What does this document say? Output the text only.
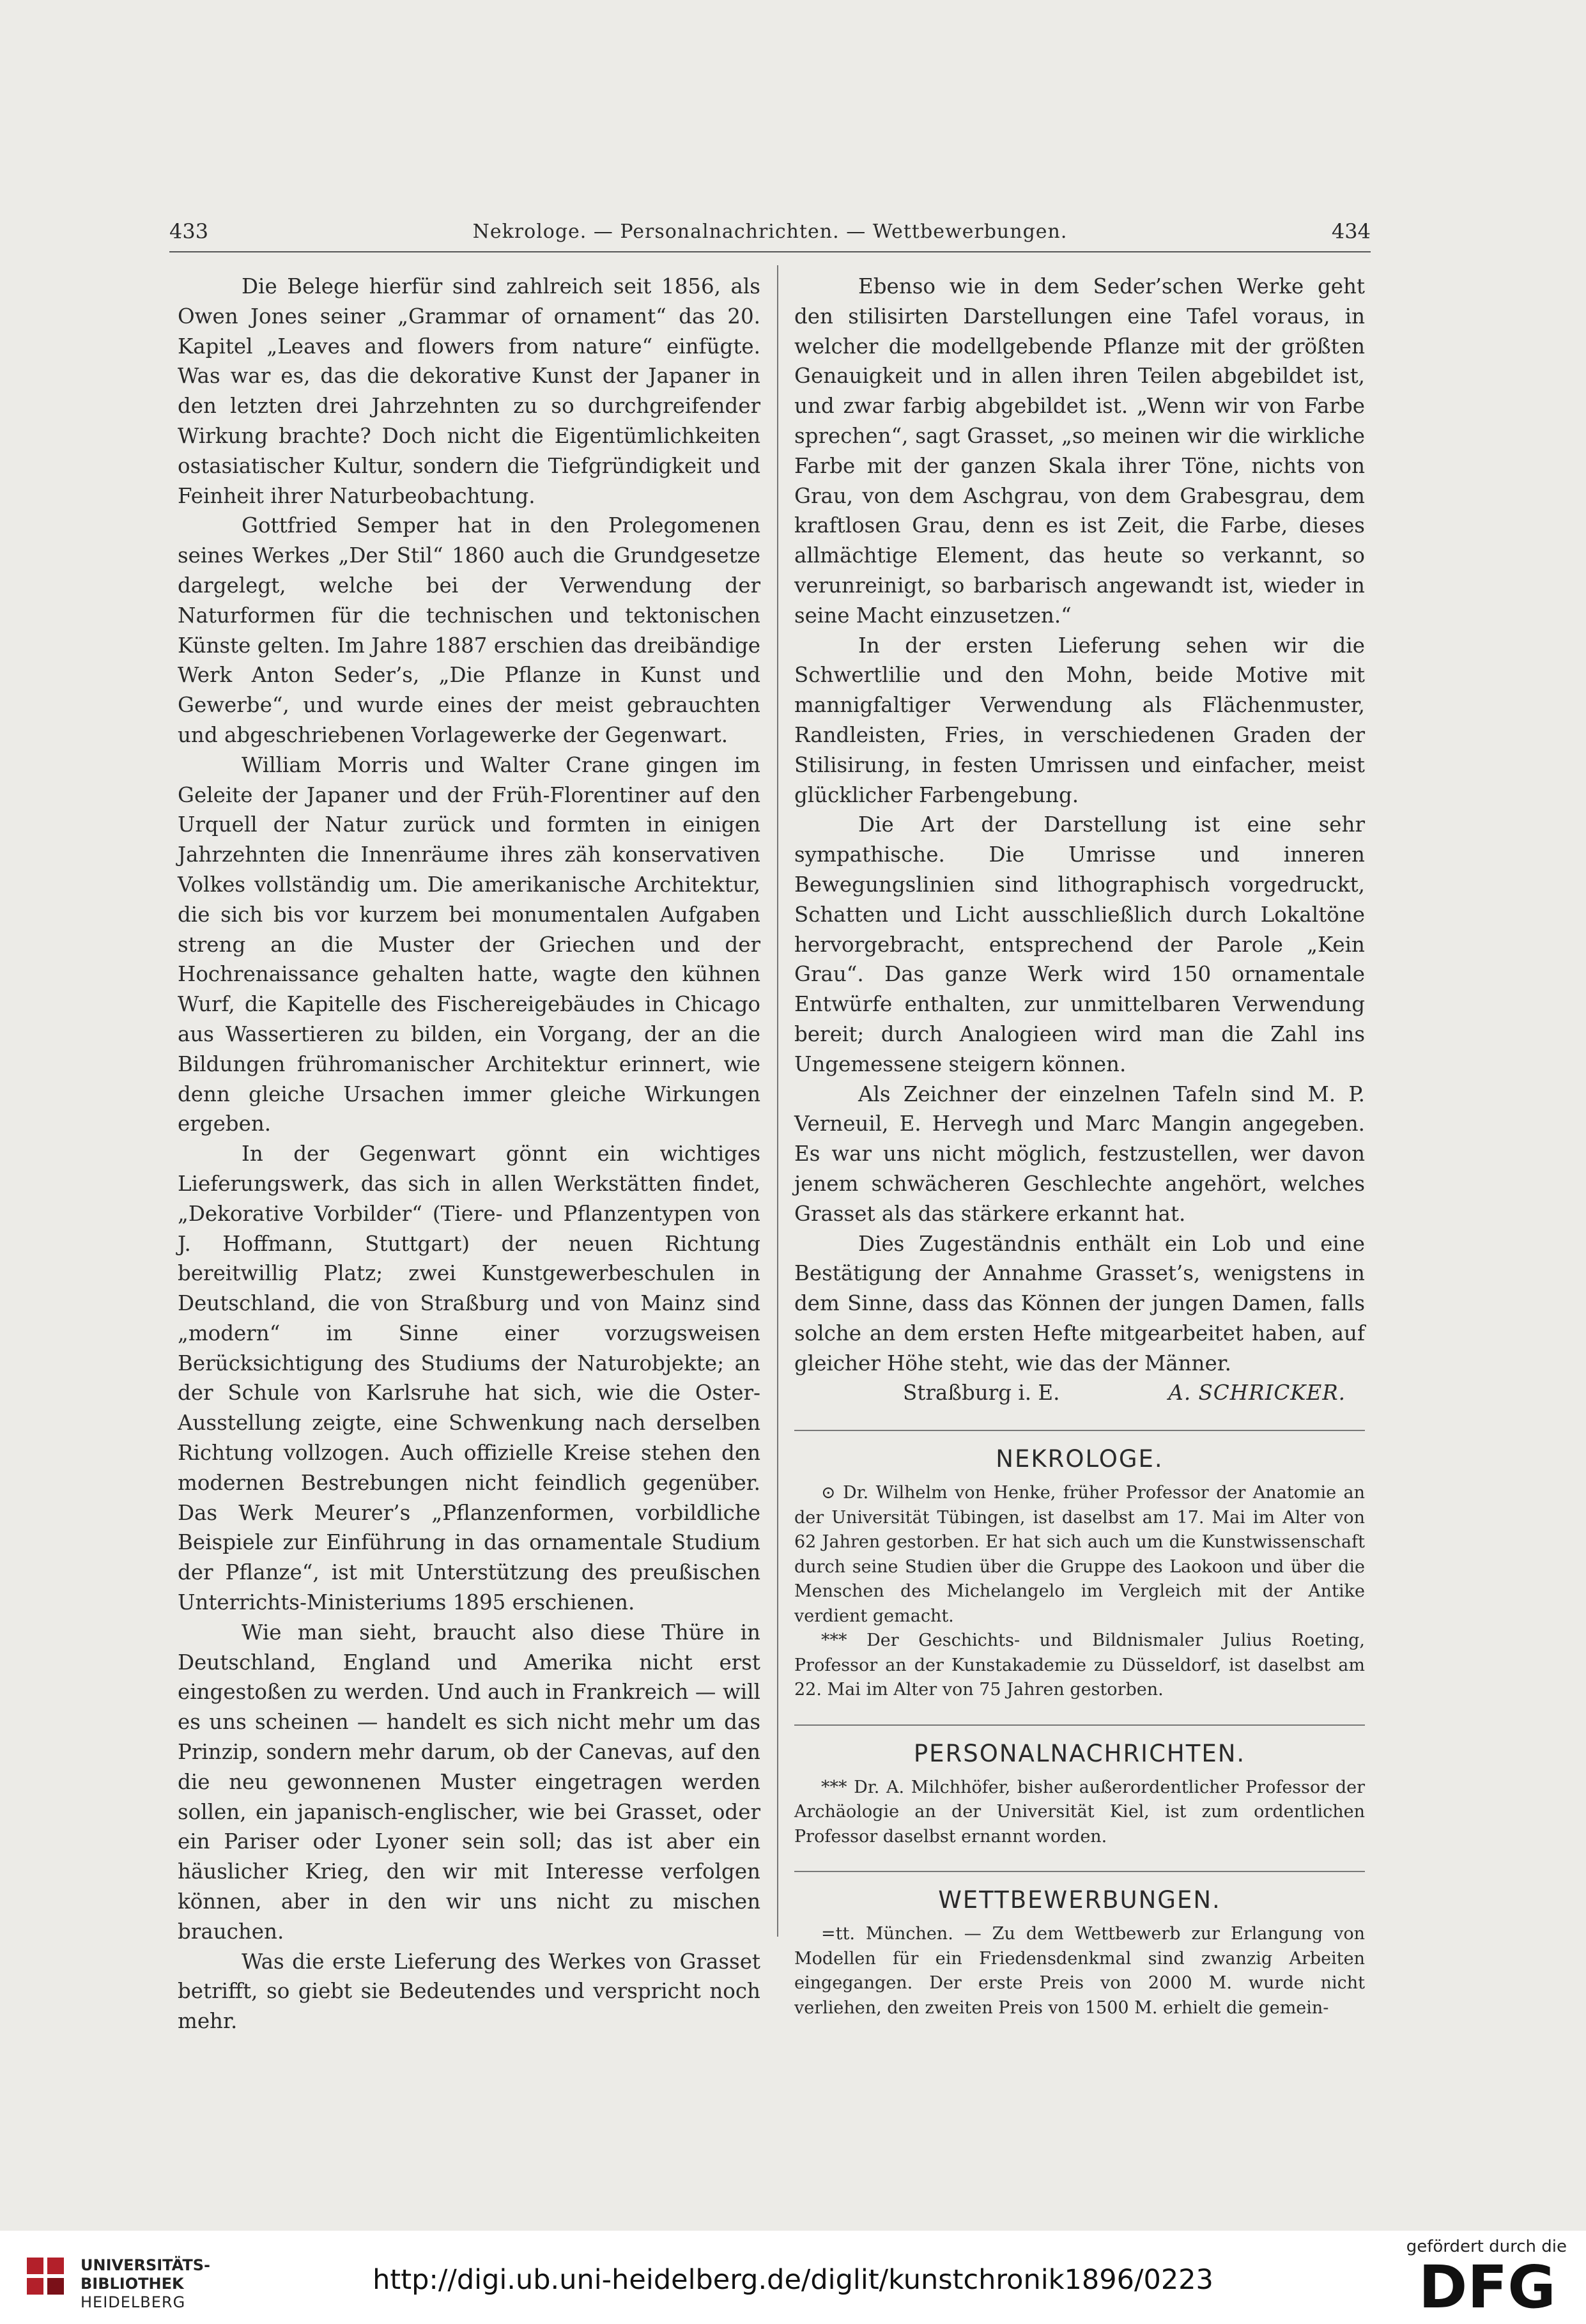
433	Nekrologe. — Personalnachrichten. — Wettbewerbungen.	434

Die Belege hierfür sind zahlreich seit 1856, als Owen Jones seiner „Grammar of ornament“ das 20. Kapitel „Leaves and flowers from nature“ einfügte. Was war es, das die dekorative Kunst der Japaner in den letzten drei Jahrzehnten zu so durchgreifender Wirkung brachte? Doch nicht die Eigentümlichkeiten ostasiatischer Kultur, sondern die Tiefgründigkeit und Feinheit ihrer Naturbeobachtung.

Gottfried Semper hat in den Prolegomenen seines Werkes „Der Stil“ 1860 auch die Grundgesetze dargelegt, welche bei der Verwendung der Naturformen für die technischen und tektonischen Künste gelten. Im Jahre 1887 erschien das dreibändige Werk Anton Seder’s, „Die Pflanze in Kunst und Gewerbe“, und wurde eines der meist gebrauchten und abgeschriebenen Vorlagewerke der Gegenwart.

William Morris und Walter Crane gingen im Geleite der Japaner und der Früh-Florentiner auf den Urquell der Natur zurück und formten in einigen Jahrzehnten die Innenräume ihres zäh konservativen Volkes vollständig um. Die amerikanische Architektur, die sich bis vor kurzem bei monumentalen Aufgaben streng an die Muster der Griechen und der Hochrenaissance gehalten hatte, wagte den kühnen Wurf, die Kapitelle des Fischereigebäudes in Chicago aus Wassertieren zu bilden, ein Vorgang, der an die Bildungen frühromanischer Architektur erinnert, wie denn gleiche Ursachen immer gleiche Wirkungen ergeben.

In der Gegenwart gönnt ein wichtiges Lieferungswerk, das sich in allen Werkstätten findet, „Dekorative Vorbilder“ (Tiere- und Pflanzentypen von J. Hoffmann, Stuttgart) der neuen Richtung bereitwillig Platz; zwei Kunstgewerbeschulen in Deutschland, die von Straßburg und von Mainz sind „modern“ im Sinne einer vorzugsweisen Berücksichtigung des Studiums der Naturobjekte; an der Schule von Karlsruhe hat sich, wie die Oster-Ausstellung zeigte, eine Schwenkung nach derselben Richtung vollzogen. Auch offizielle Kreise stehen den modernen Bestrebungen nicht feindlich gegenüber. Das Werk Meurer’s „Pflanzenformen, vorbildliche Beispiele zur Einführung in das ornamentale Studium der Pflanze“, ist mit Unterstützung des preußischen Unterrichts-Ministeriums 1895 erschienen.

Wie man sieht, braucht also diese Thüre in Deutschland, England und Amerika nicht erst eingestoßen zu werden. Und auch in Frankreich — will es uns scheinen — handelt es sich nicht mehr um das Prinzip, sondern mehr darum, ob der Canevas, auf den die neu gewonnenen Muster eingetragen werden sollen, ein japanisch-englischer, wie bei Grasset, oder ein Pariser oder Lyoner sein soll; das ist aber ein häuslicher Krieg, den wir mit Interesse verfolgen können, aber in den wir uns nicht zu mischen brauchen.

Was die erste Lieferung des Werkes von Grasset betrifft, so giebt sie Bedeutendes und verspricht noch mehr.

Ebenso wie in dem Seder’schen Werke geht den stilisirten Darstellungen eine Tafel voraus, in welcher die modellgebende Pflanze mit der größten Genauigkeit und in allen ihren Teilen abgebildet ist, und zwar farbig abgebildet ist. „Wenn wir von Farbe sprechen“, sagt Grasset, „so meinen wir die wirkliche Farbe mit der ganzen Skala ihrer Töne, nichts von Grau, von dem Aschgrau, von dem Grabesgrau, dem kraftlosen Grau, denn es ist Zeit, die Farbe, dieses allmächtige Element, das heute so verkannt, so verunreinigt, so barbarisch angewandt ist, wieder in seine Macht einzusetzen.“

In der ersten Lieferung sehen wir die Schwertlilie und den Mohn, beide Motive mit mannigfaltiger Verwendung als Flächenmuster, Randleisten, Fries, in verschiedenen Graden der Stilisirung, in festen Umrissen und einfacher, meist glücklicher Farbengebung.

Die Art der Darstellung ist eine sehr sympathische. Die Umrisse und inneren Bewegungslinien sind lithographisch vorgedruckt, Schatten und Licht ausschließlich durch Lokaltöne hervorgebracht, entsprechend der Parole „Kein Grau“. Das ganze Werk wird 150 ornamentale Entwürfe enthalten, zur unmittelbaren Verwendung bereit; durch Analogieen wird man die Zahl ins Ungemessene steigern können.

Als Zeichner der einzelnen Tafeln sind M. P. Verneuil, E. Hervegh und Marc Mangin angegeben. Es war uns nicht möglich, festzustellen, wer davon jenem schwächeren Geschlechte angehört, welches Grasset als das stärkere erkannt hat.

Dies Zugeständnis enthält ein Lob und eine Bestätigung der Annahme Grasset’s, wenigstens in dem Sinne, dass das Können der jungen Damen, falls solche an dem ersten Hefte mitgearbeitet haben, auf gleicher Höhe steht, wie das der Männer.

Straßburg i. E.	A. SCHRICKER.

NEKROLOGE.

⊙ Dr. Wilhelm von Henke, früher Professor der Anatomie an der Universität Tübingen, ist daselbst am 17. Mai im Alter von 62 Jahren gestorben. Er hat sich auch um die Kunstwissenschaft durch seine Studien über die Gruppe des Laokoon und über die Menschen des Michelangelo im Vergleich mit der Antike verdient gemacht.

*** Der Geschichts- und Bildnismaler Julius Roeting, Professor an der Kunstakademie zu Düsseldorf, ist daselbst am 22. Mai im Alter von 75 Jahren gestorben.

PERSONALNACHRICHTEN.

*** Dr. A. Milchhöfer, bisher außerordentlicher Professor der Archäologie an der Universität Kiel, ist zum ordentlichen Professor daselbst ernannt worden.

WETTBEWERBUNGEN.

=tt. München. — Zu dem Wettbewerb zur Erlangung von Modellen für ein Friedensdenkmal sind zwanzig Arbeiten eingegangen. Der erste Preis von 2000 M. wurde nicht verliehen, den zweiten Preis von 1500 M. erhielt die gemein-

UNIVERSITÄTS-
BIBLIOTHEK
HEIDELBERG
http://digi.ub.uni-heidelberg.de/diglit/kunstchronik1896/0223
gefördert durch die
DFG
